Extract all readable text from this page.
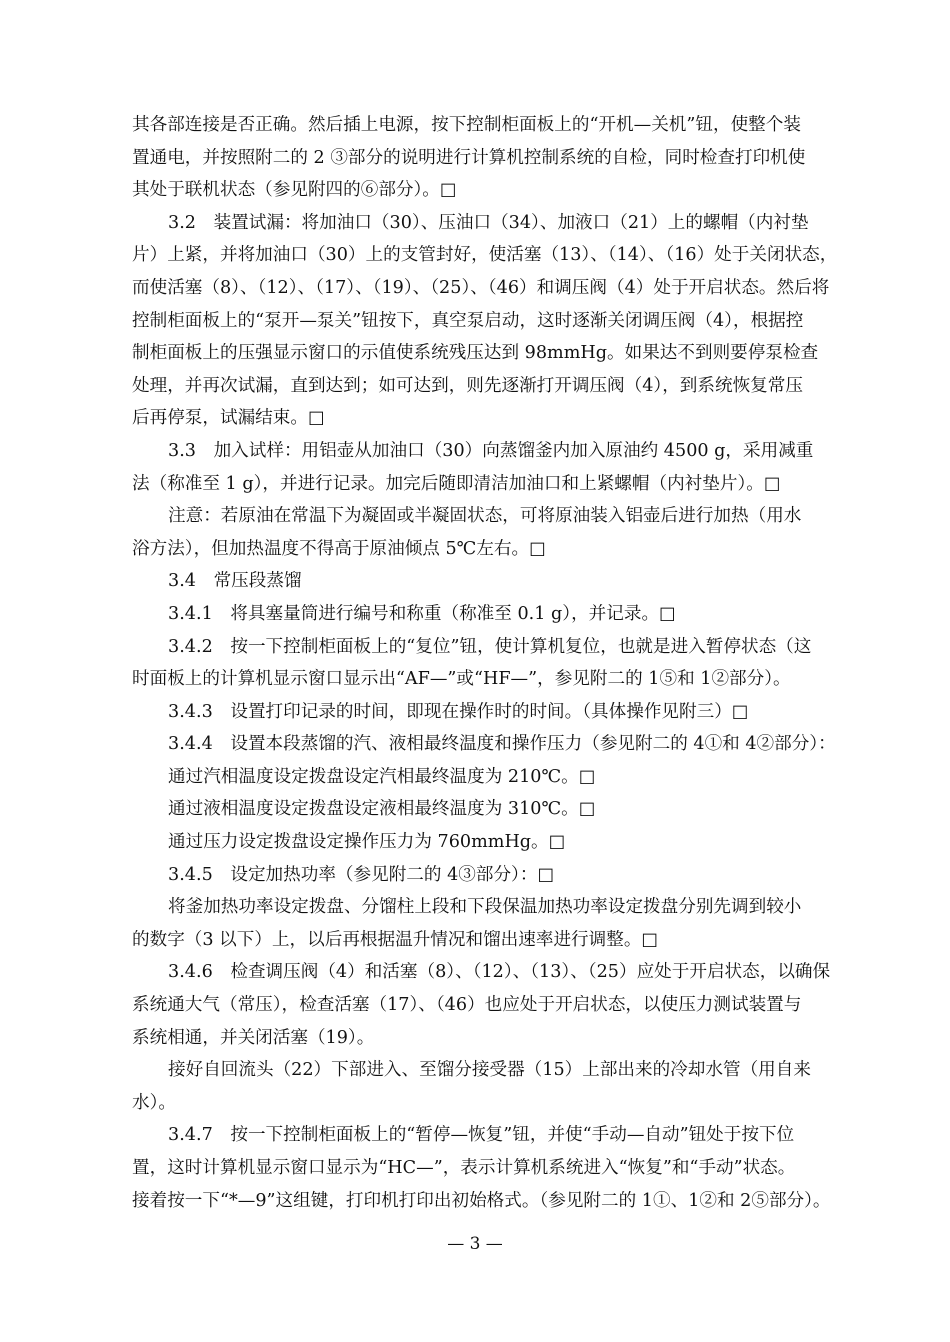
其各部连接是否正确。然后插上电源，按下控制柜面板上的“开机—关机”钮，使整个装
置通电，并按照附二的 2 ③部分的说明进行计算机控制系统的自检，同时检查打印机使
其处于联机状态（参见附四的⑥部分）。□
3.2　装置试漏：将加油口（30）、压油口（34）、加液口（21）上的螺帽（内衬垫
片）上紧，并将加油口（30）上的支管封好，使活塞（13）、（14）、（16）处于关闭状态，
而使活塞（8）、（12）、（17）、（19）、（25）、（46）和调压阀（4）处于开启状态。然后将
控制柜面板上的“泵开—泵关”钮按下，真空泵启动，这时逐渐关闭调压阀（4），根据控
制柜面板上的压强显示窗口的示值使系统残压达到 98mmHg。如果达不到则要停泵检查
处理，并再次试漏，直到达到；如可达到，则先逐渐打开调压阀（4），到系统恢复常压
后再停泵，试漏结束。□
3.3　加入试样：用铝壶从加油口（30）向蒸馏釜内加入原油约 4500 g，采用减重
法（称准至 1 g），并进行记录。加完后随即清洁加油口和上紧螺帽（内衬垫片）。□
注意：若原油在常温下为凝固或半凝固状态，可将原油装入铝壶后进行加热（用水
浴方法），但加热温度不得高于原油倾点 5℃左右。□
3.4　常压段蒸馏
3.4.1　将具塞量筒进行编号和称重（称准至 0.1 g），并记录。□
3.4.2　按一下控制柜面板上的“复位”钮，使计算机复位，也就是进入暂停状态（这
时面板上的计算机显示窗口显示出“AF—”或“HF—”，参见附二的 1⑤和 1②部分）。
3.4.3　设置打印记录的时间，即现在操作时的时间。（具体操作见附三）□
3.4.4　设置本段蒸馏的汽、液相最终温度和操作压力（参见附二的 4①和 4②部分）：
通过汽相温度设定拨盘设定汽相最终温度为 210℃。□
通过液相温度设定拨盘设定液相最终温度为 310℃。□
通过压力设定拨盘设定操作压力为 760mmHg。□
3.4.5　设定加热功率（参见附二的 4③部分）：□
将釜加热功率设定拨盘、分馏柱上段和下段保温加热功率设定拨盘分别先调到较小
的数字（3 以下）上，以后再根据温升情况和馏出速率进行调整。□
3.4.6　检查调压阀（4）和活塞（8）、（12）、（13）、（25）应处于开启状态，以确保
系统通大气（常压），检查活塞（17）、（46）也应处于开启状态，以使压力测试装置与
系统相通，并关闭活塞（19）。
接好自回流头（22）下部进入、至馏分接受器（15）上部出来的冷却水管（用自来
水）。
3.4.7　按一下控制柜面板上的“暂停—恢复”钮，并使“手动—自动”钮处于按下位
置，这时计算机显示窗口显示为“HC—”，表示计算机系统进入“恢复”和“手动”状态。
接着按一下“*—9”这组键，打印机打印出初始格式。（参见附二的 1①、1②和 2⑤部分）。
— 3 —
